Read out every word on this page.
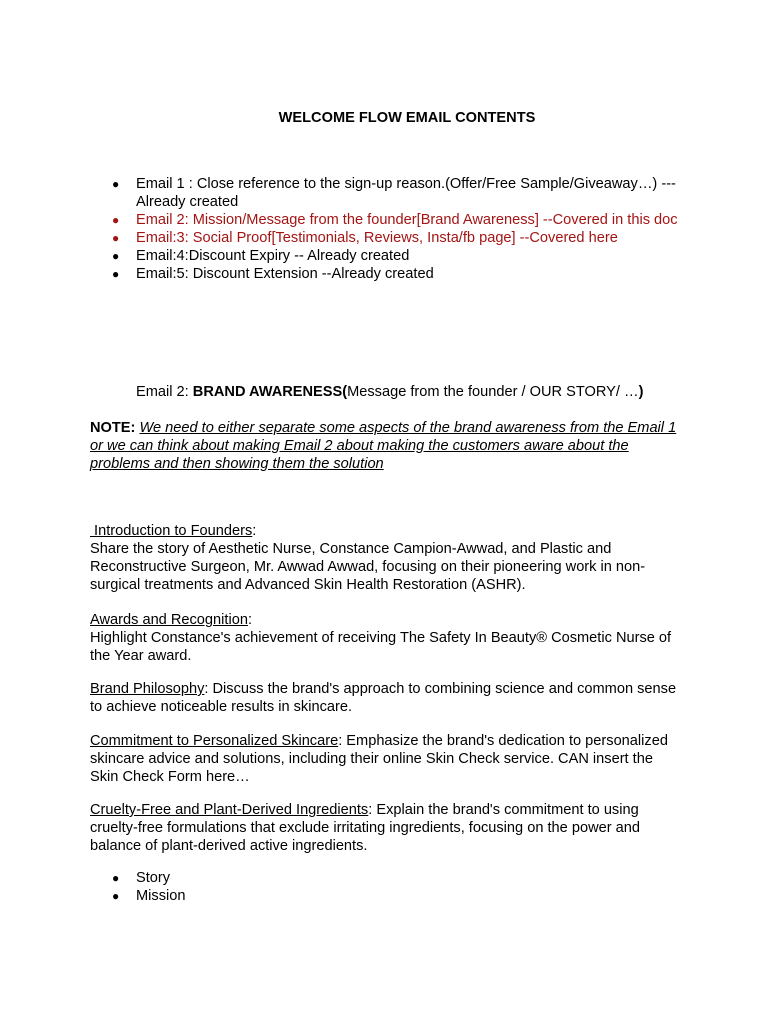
WELCOME FLOW EMAIL CONTENTS
● Email 1 : Close reference to the sign-up reason.(Offer/Free Sample/Giveaway…) ---Already created
● Email 2: Mission/Message from the founder[Brand Awareness] --Covered in this doc
● Email:3: Social Proof[Testimonials, Reviews, Insta/fb page] --Covered here
● Email:4:Discount Expiry -- Already created
● Email:5: Discount Extension --Already created
Email 2: BRAND AWARENESS(Message from the founder / OUR STORY/ …)
NOTE: We need to either separate some aspects of the brand awareness from the Email 1 or we can think about making Email 2 about making the customers aware about the problems and then showing them the solution
Introduction to Founders:
Share the story of Aesthetic Nurse, Constance Campion-Awwad, and Plastic and Reconstructive Surgeon, Mr. Awwad Awwad, focusing on their pioneering work in non-surgical treatments and Advanced Skin Health Restoration (ASHR).
Awards and Recognition:
Highlight Constance's achievement of receiving The Safety In Beauty® Cosmetic Nurse of the Year award.
Brand Philosophy: Discuss the brand's approach to combining science and common sense to achieve noticeable results in skincare.
Commitment to Personalized Skincare: Emphasize the brand's dedication to personalized skincare advice and solutions, including their online Skin Check service. CAN insert the Skin Check Form here…
Cruelty-Free and Plant-Derived Ingredients: Explain the brand's commitment to using cruelty-free formulations that exclude irritating ingredients, focusing on the power and balance of plant-derived active ingredients.
● Story
● Mission
